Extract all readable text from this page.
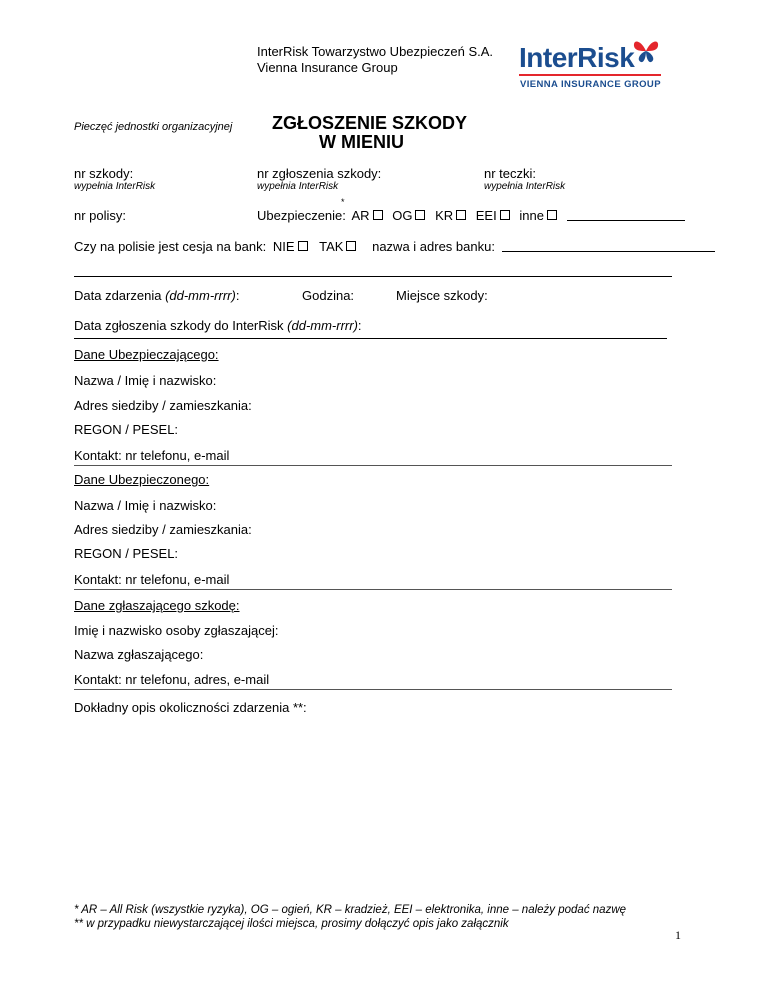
InterRisk Towarzystwo Ubezpieczeń S.A.
Vienna Insurance Group	InterRisk
VIENNA INSURANCE GROUP
Pieczęć jednostki organizacyjnej ZGŁOSZENIE SZKODY
W MIENIU
nr szkody:
wypełnia InterRisk
nr zgłoszenia szkody:
wypełnia InterRisk
nr teczki:
wypełnia InterRisk
nr polisy:
*
Ubezpieczenie: AR OG KR EEI inne
Czy na polisie jest cesja na bank: NIE TAK nazwa i adres banku:
Data zdarzenia (dd-mm-rrrr):	Godzina:	Miejsce szkody:
Data zgłoszenia szkody do InterRisk (dd-mm-rrrr):
Dane Ubezpieczającego:
Nazwa / Imię i nazwisko:
Adres siedziby / zamieszkania:
REGON / PESEL:
Kontakt: nr telefonu, e-mail
Dane Ubezpieczonego:
Nazwa / Imię i nazwisko:
Adres siedziby / zamieszkania:
REGON / PESEL:
Kontakt: nr telefonu, e-mail
Dane zgłaszającego szkodę:
Imię i nazwisko osoby zgłaszającej:
Nazwa zgłaszającego:
Kontakt: nr telefonu, adres, e-mail
Dokładny opis okoliczności zdarzenia **:
* AR – All Risk (wszystkie ryzyka), OG – ogień, KR – kradzież, EEI – elektronika, inne – należy podać nazwę
** w przypadku niewystarczającej ilości miejsca, prosimy dołączyć opis jako załącznik
1
